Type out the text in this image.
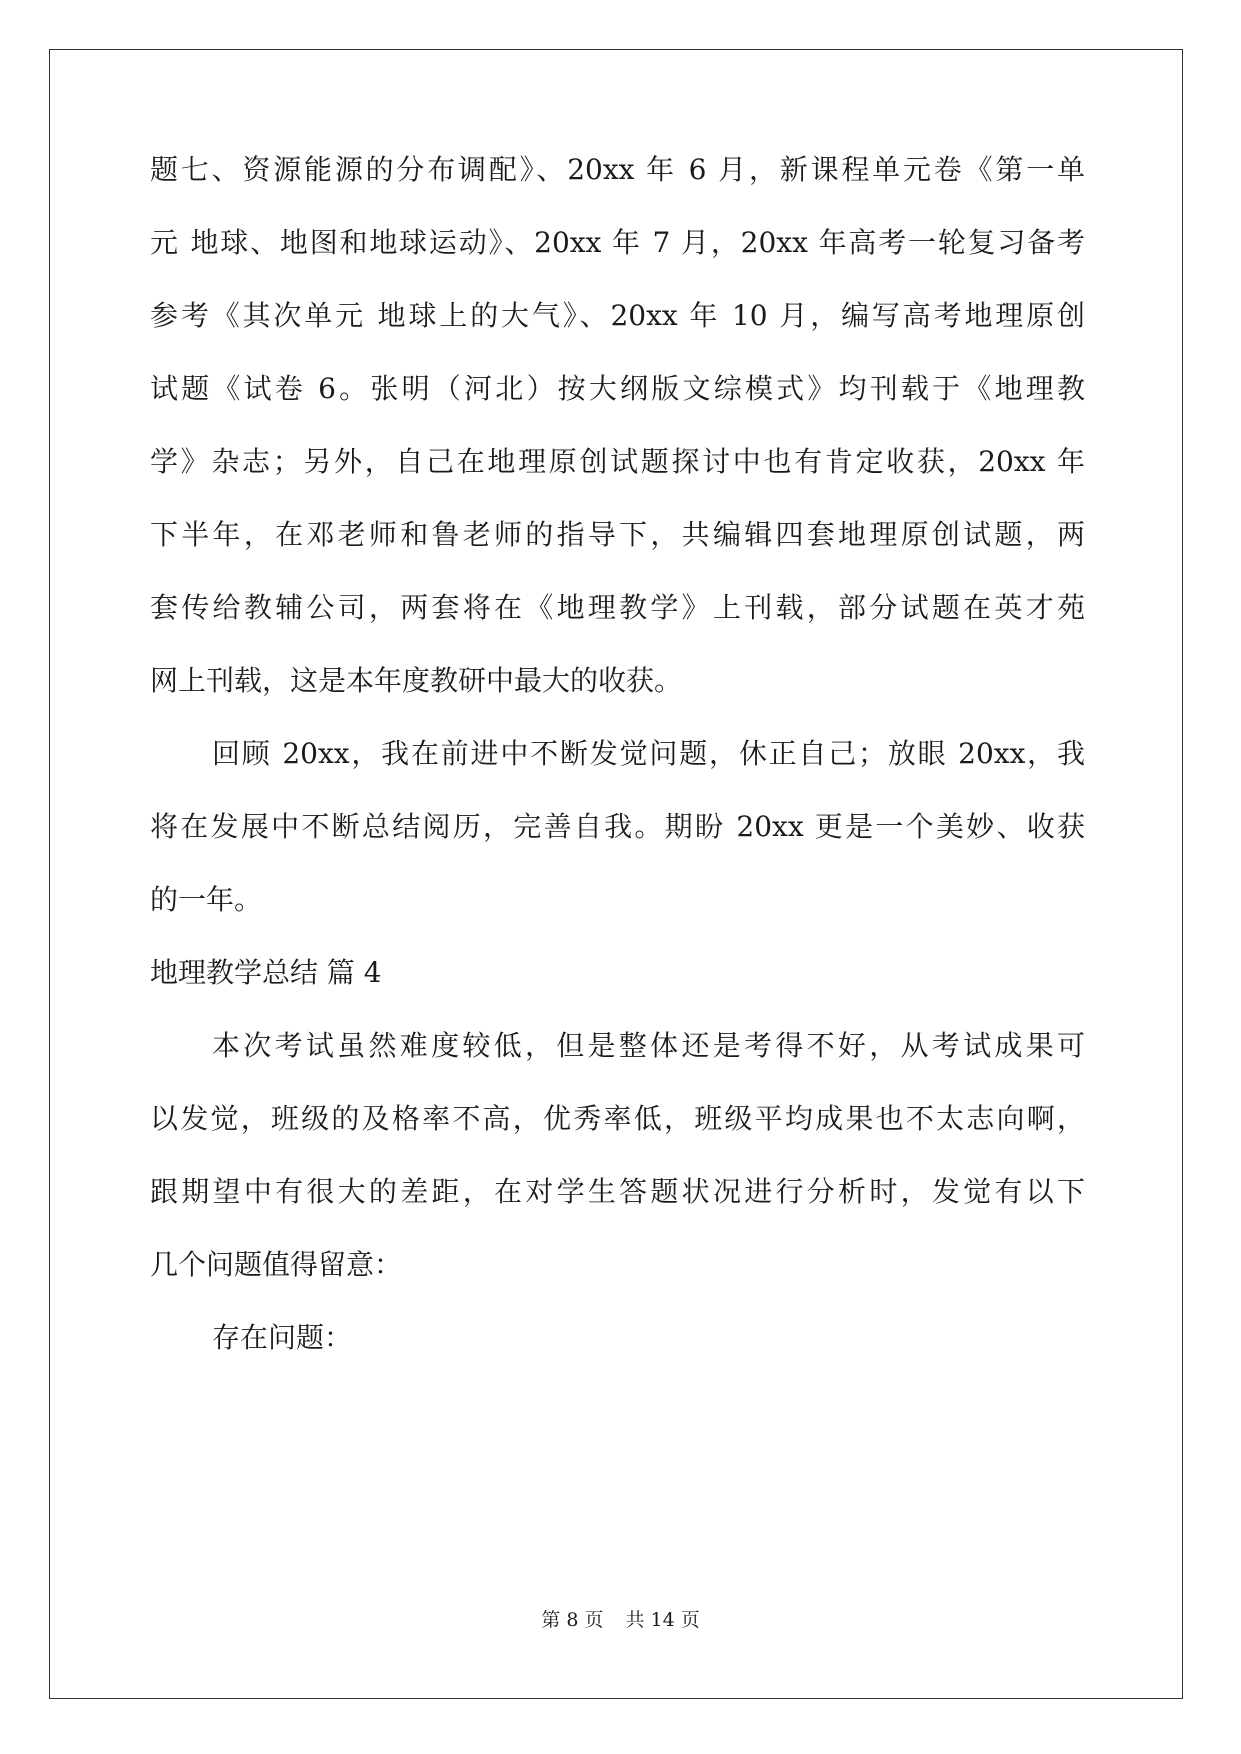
题七、资源能源的分布调配》、20xx 年 6 月，新课程单元卷《第一单
元 地球、地图和地球运动》、20xx 年 7 月，20xx 年高考一轮复习备考
参考《其次单元 地球上的大气》、20xx 年 10 月，编写高考地理原创
试题《试卷 6。张明（河北）按大纲版文综模式》均刊载于《地理教
学》杂志；另外，自己在地理原创试题探讨中也有肯定收获，20xx 年
下半年，在邓老师和鲁老师的指导下，共编辑四套地理原创试题，两
套传给教辅公司，两套将在《地理教学》上刊载，部分试题在英才苑
网上刊载，这是本年度教研中最大的收获。
回顾 20xx，我在前进中不断发觉问题，休正自己；放眼 20xx，我
将在发展中不断总结阅历，完善自我。期盼 20xx 更是一个美妙、收获
的一年。
地理教学总结 篇 4
本次考试虽然难度较低，但是整体还是考得不好，从考试成果可
以发觉，班级的及格率不高，优秀率低，班级平均成果也不太志向啊，
跟期望中有很大的差距，在对学生答题状况进行分析时，发觉有以下
几个问题值得留意：
存在问题：
第 8 页 共 14 页
